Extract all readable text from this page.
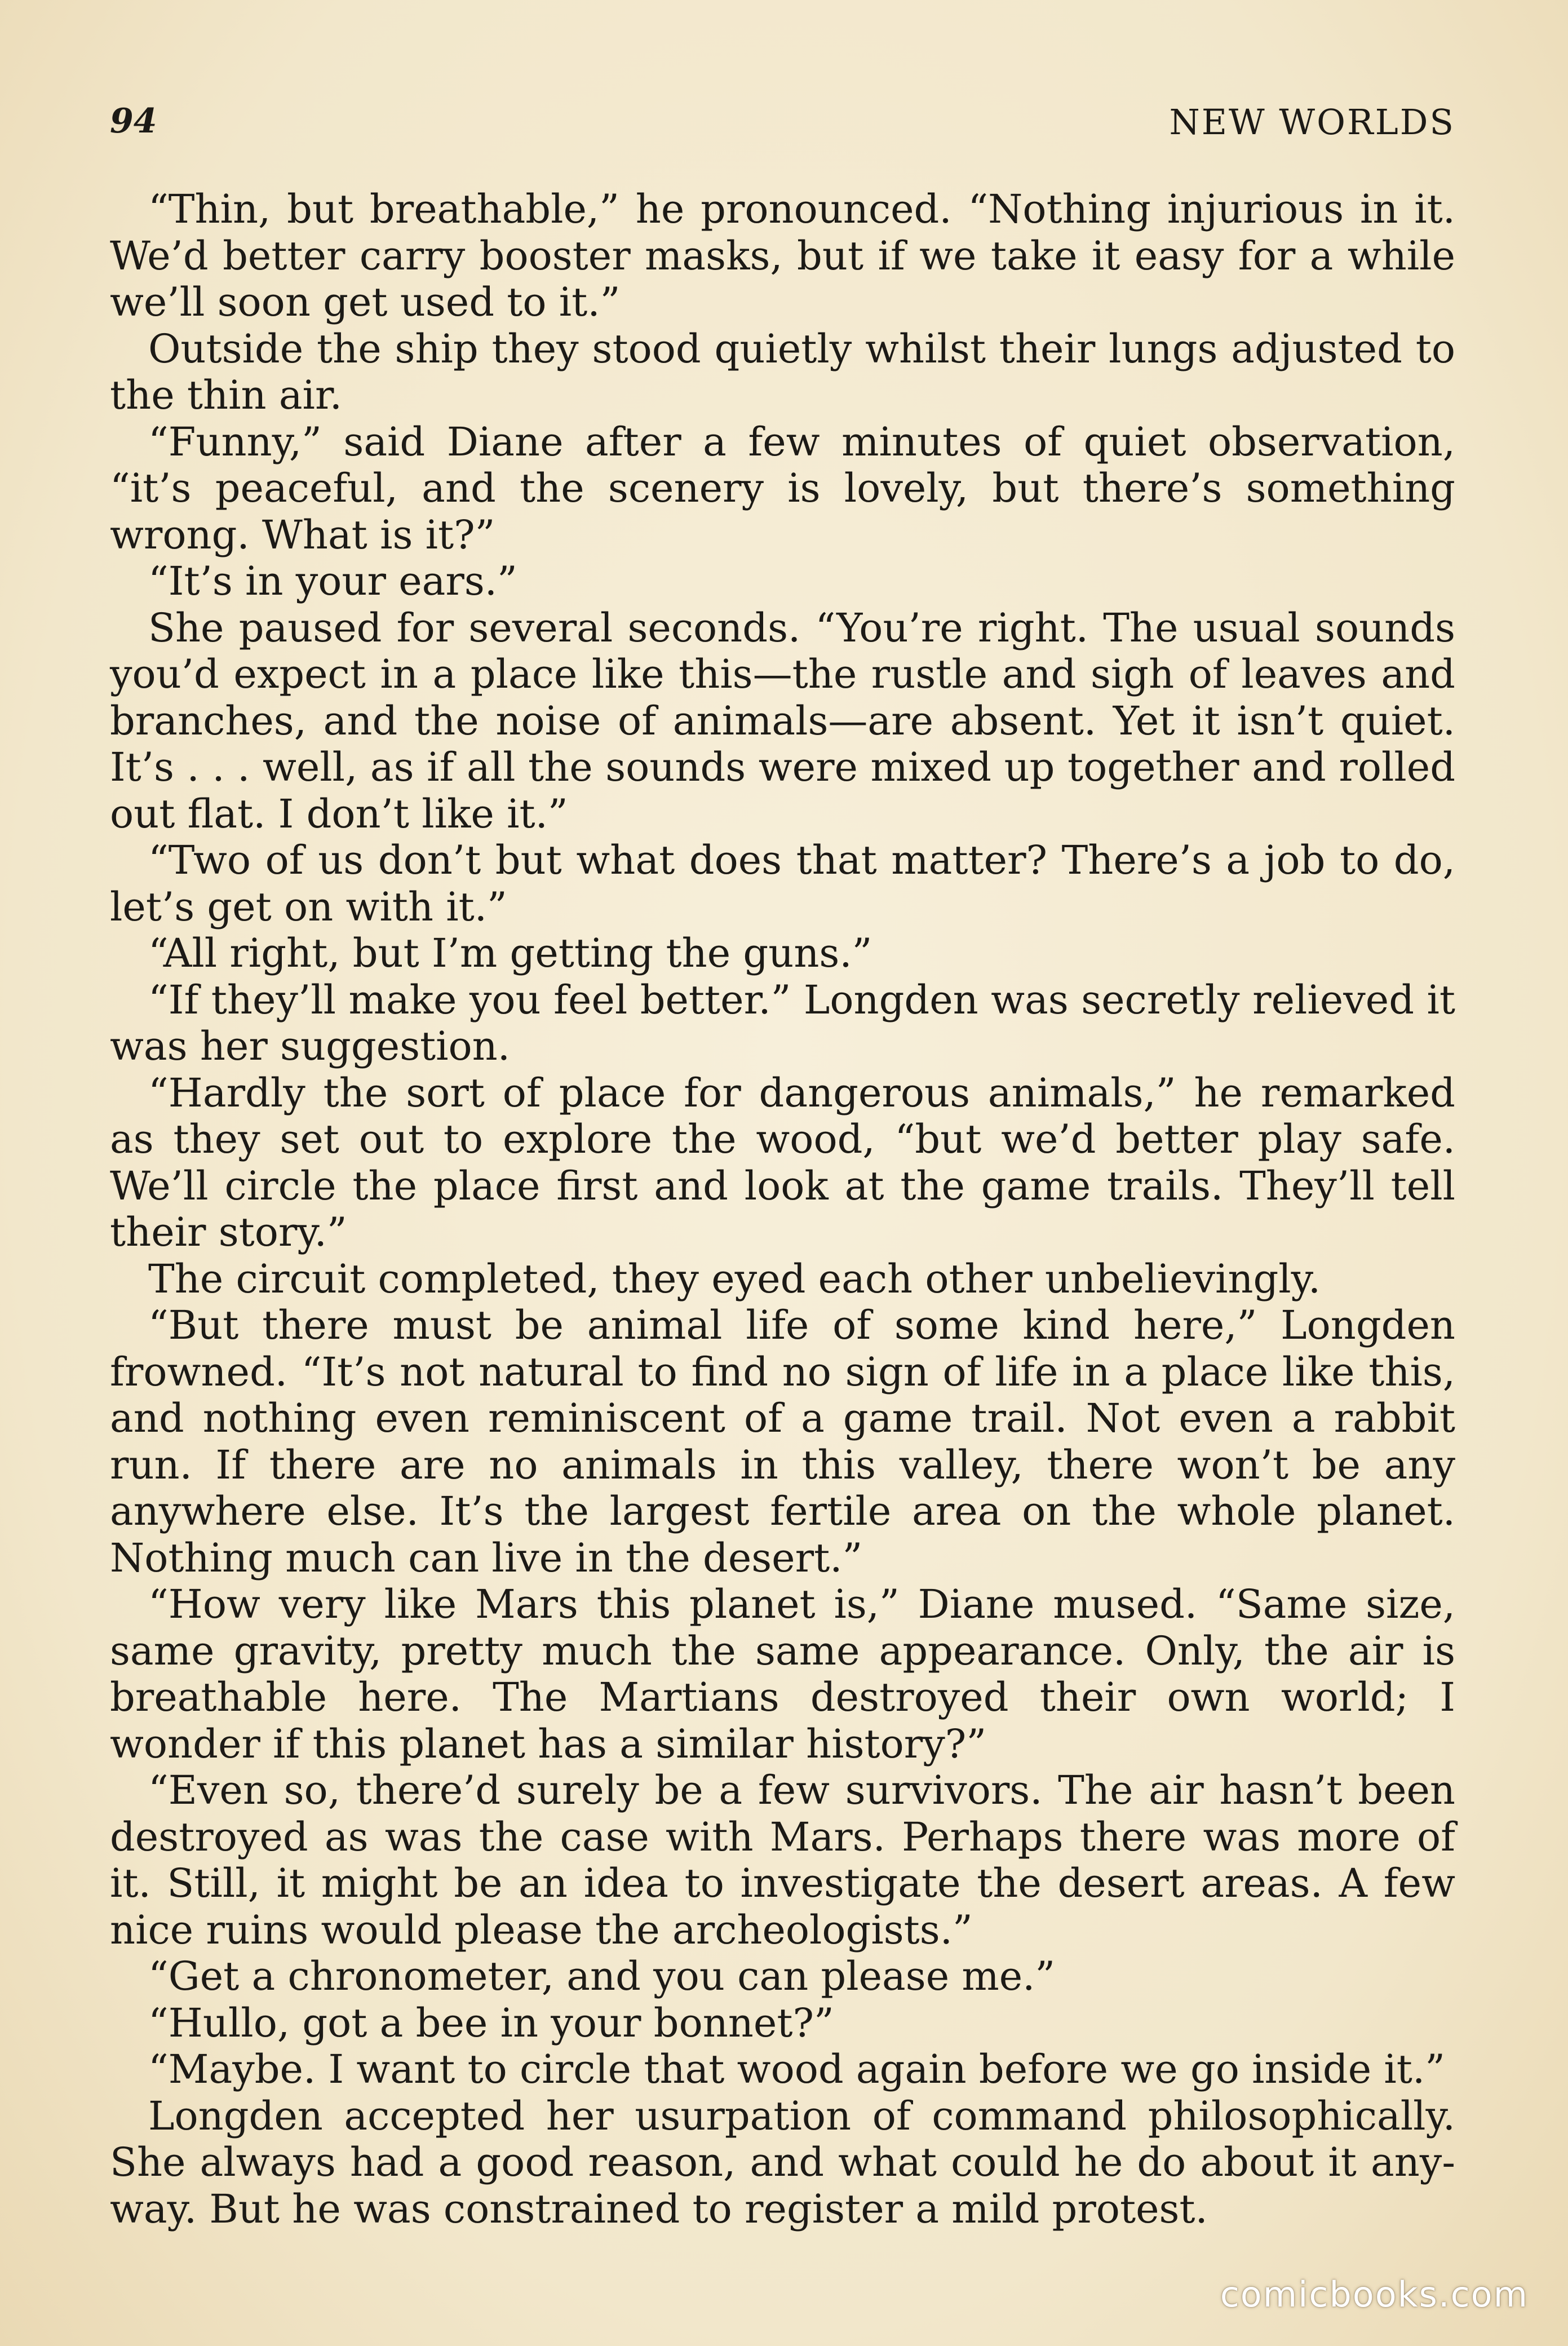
94	NEW WORLDS

“Thin, but breathable,” he pronounced. “Nothing injurious in it. We’d better carry booster masks, but if we take it easy for a while we’ll soon get used to it.”

Outside the ship they stood quietly whilst their lungs adjusted to the thin air.

“Funny,” said Diane after a few minutes of quiet observation, “it’s peaceful, and the scenery is lovely, but there’s something wrong. What is it?”

“It’s in your ears.”

She paused for several seconds. “You’re right. The usual sounds you’d expect in a place like this—the rustle and sigh of leaves and branches, and the noise of animals—are absent. Yet it isn’t quiet. It’s . . . well, as if all the sounds were mixed up together and rolled out flat. I don’t like it.”

“Two of us don’t but what does that matter? There’s a job to do, let’s get on with it.”

“All right, but I’m getting the guns.”

“If they’ll make you feel better.” Longden was secretly relieved it was her suggestion.

“Hardly the sort of place for dangerous animals,” he remarked as they set out to explore the wood, “but we’d better play safe. We’ll circle the place first and look at the game trails. They’ll tell their story.”

The circuit completed, they eyed each other unbelievingly.

“But there must be animal life of some kind here,” Longden frowned. “It’s not natural to find no sign of life in a place like this, and nothing even reminiscent of a game trail. Not even a rabbit run. If there are no animals in this valley, there won’t be any anywhere else. It’s the largest fertile area on the whole planet. Nothing much can live in the desert.”

“How very like Mars this planet is,” Diane mused. “Same size, same gravity, pretty much the same appearance. Only, the air is breathable here. The Martians destroyed their own world; I wonder if this planet has a similar history?”

“Even so, there’d surely be a few survivors. The air hasn’t been destroyed as was the case with Mars. Perhaps there was more of it. Still, it might be an idea to investigate the desert areas. A few nice ruins would please the archeologists.”

“Get a chronometer, and you can please me.”

“Hullo, got a bee in your bonnet?”

“Maybe. I want to circle that wood again before we go inside it.”

Longden accepted her usurpation of command philosophically. She always had a good reason, and what could he do about it anyway. But he was constrained to register a mild protest.

comicbooks.com
